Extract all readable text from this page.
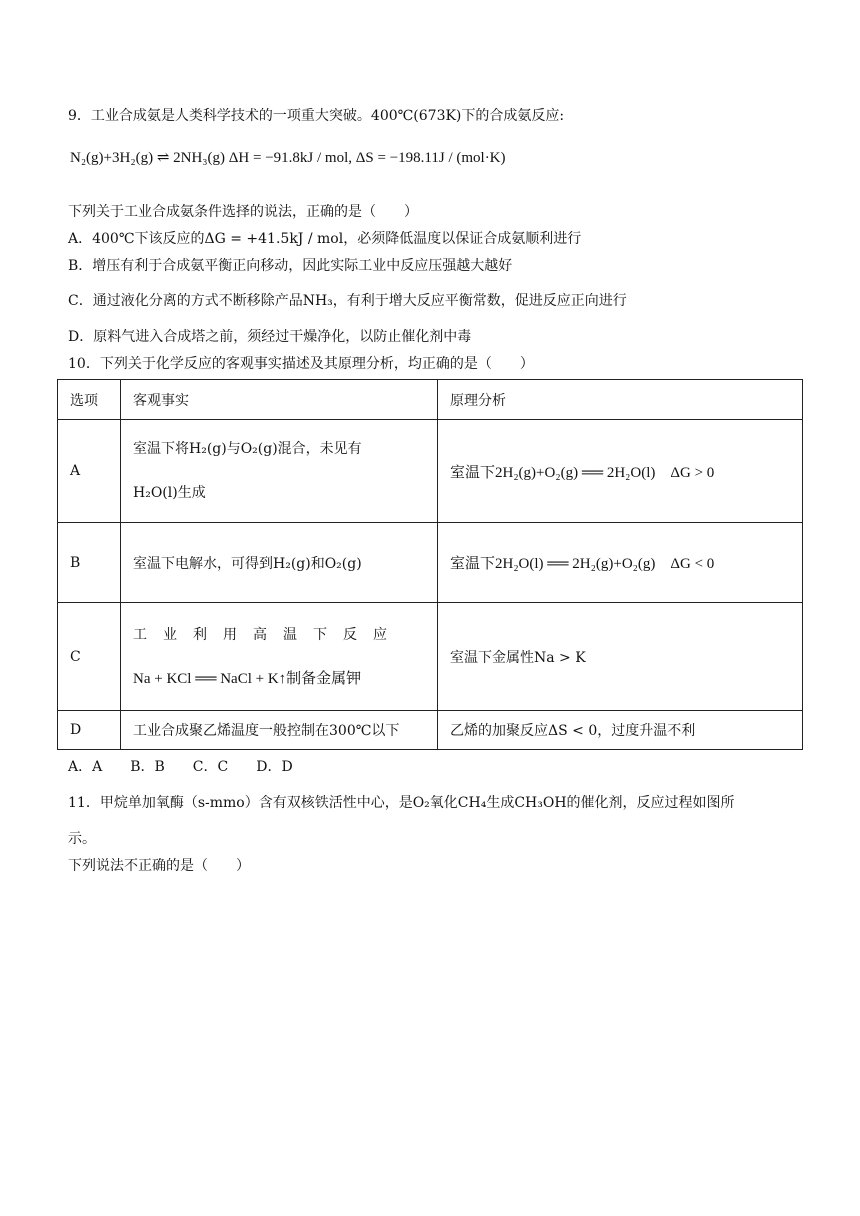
9．工业合成氨是人类科学技术的一项重大突破。400℃(673K)下的合成氨反应:
N₂(g)+3H₂(g) ⇌ 2NH₃(g) ΔH = −91.8kJ / mol, ΔS = −198.11J / (mol·K)
下列关于工业合成氨条件选择的说法，正确的是（　　）
A．400℃下该反应的ΔG = +41.5kJ / mol，必须降低温度以保证合成氨顺利进行
B．增压有利于合成氨平衡正向移动，因此实际工业中反应压强越大越好
C．通过液化分离的方式不断移除产品NH₃，有利于增大反应平衡常数，促进反应正向进行
D．原料气进入合成塔之前，须经过干燥净化，以防止催化剂中毒
10．下列关于化学反应的客观事实描述及其原理分析，均正确的是（　　）
选项	客观事实	原理分析
A	室温下将H₂(g)与O₂(g)混合，未见有
H₂O(l)生成	室温下2H₂(g)+O₂(g) ══ 2H₂O(l)　ΔG > 0
B	室温下电解水，可得到H₂(g)和O₂(g)	室温下2H₂O(l) ══ 2H₂(g)+O₂(g)　ΔG < 0
C	工业利用高温下反应
Na + KCl ══ NaCl + K↑制备金属钾	室温下金属性Na > K
D	工业合成聚乙烯温度一般控制在300℃以下	乙烯的加聚反应ΔS < 0，过度升温不利
A．A　　B．B　　C．C　　D．D
11．甲烷单加氧酶（s-mmo）含有双核铁活性中心，是O₂氧化CH₄生成CH₃OH的催化剂，反应过程如图所
示。
下列说法不正确的是（　　）
